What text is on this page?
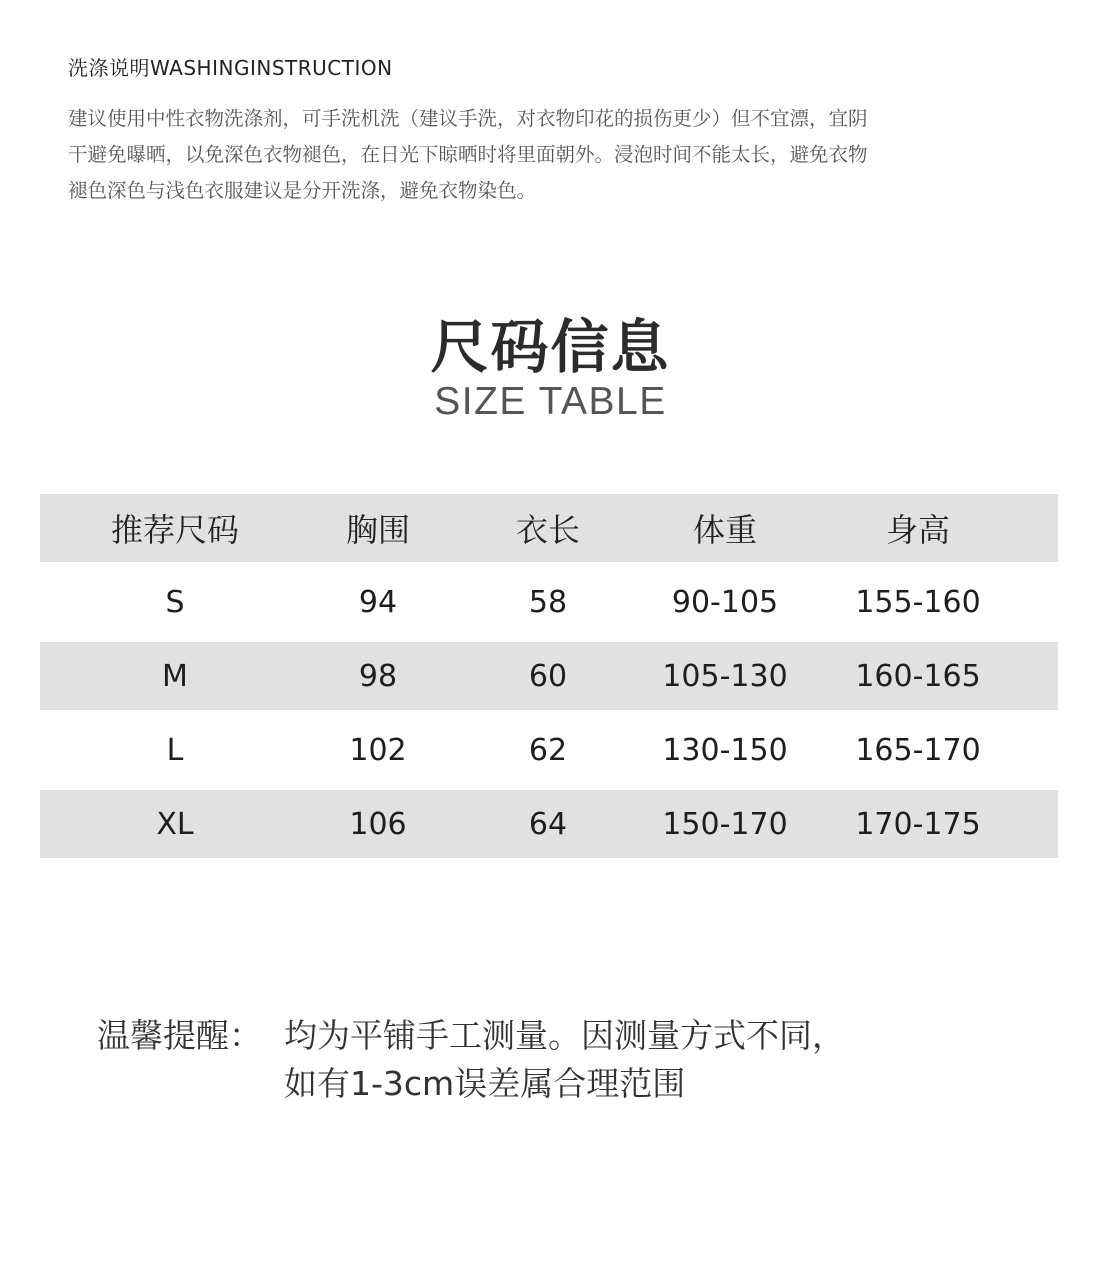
洗涤说明WASHINGINSTRUCTION
建议使用中性衣物洗涤剂，可手洗机洗（建议手洗，对衣物印花的损伤更少）但不宜漂，宜阴
干避免曝晒，以免深色衣物褪色，在日光下晾晒时将里面朝外。浸泡时间不能太长，避免衣物
褪色深色与浅色衣服建议是分开洗涤，避免衣物染色。
尺码信息
SIZE TABLE
推荐尺码	胸围	衣长	体重	身高
S	94	58	90-105	155-160
M	98	60	105-130	160-165
L	102	62	130-150	165-170
XL	106	64	150-170	170-175
温馨提醒： 均为平铺手工测量。因测量方式不同，
如有1-3cm误差属合理范围
